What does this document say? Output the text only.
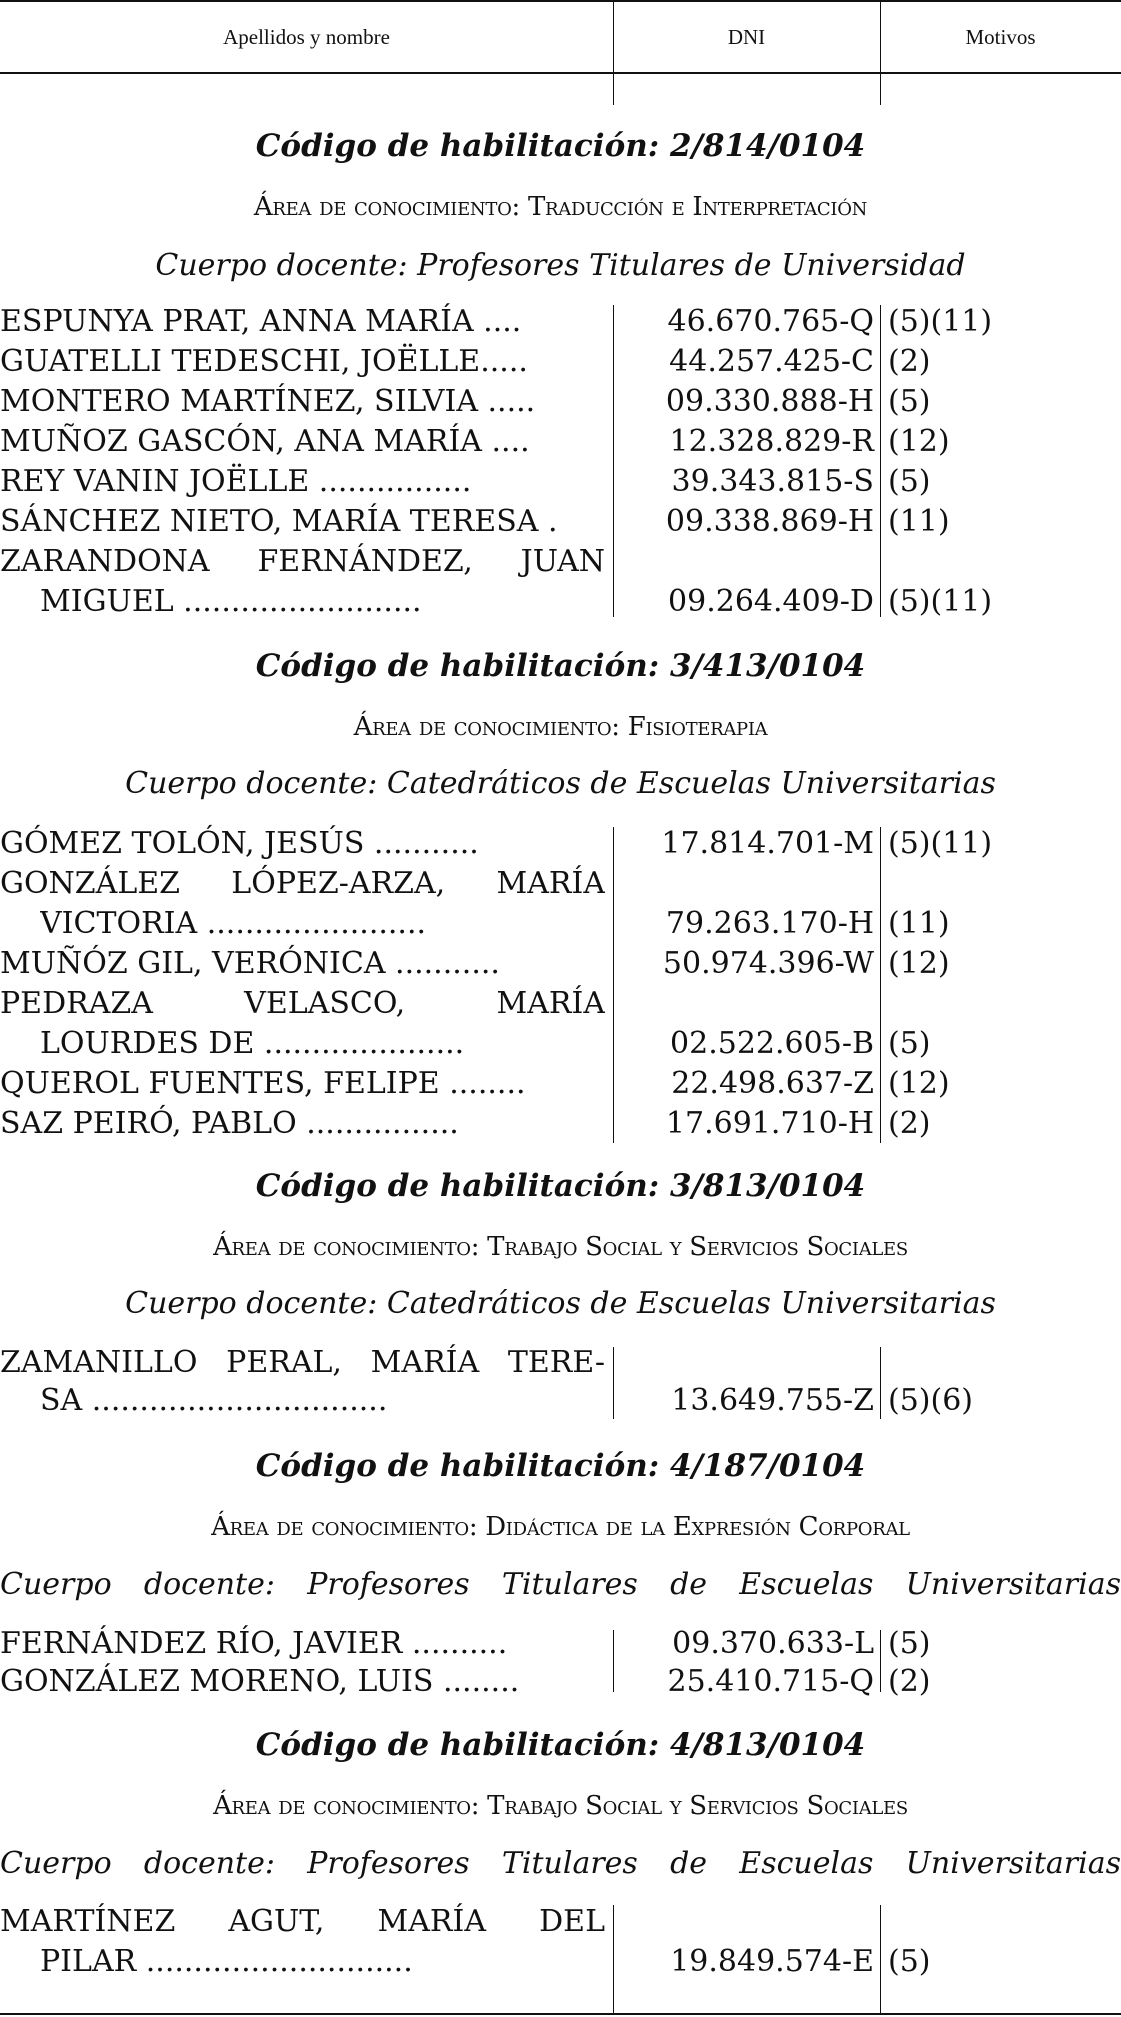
Apellidos y nombre	DNI	Motivos
Código de habilitación: 2/814/0104
Área de conocimiento: Traducción e Interpretación
Cuerpo docente: Profesores Titulares de Universidad
ESPUNYA PRAT, ANNA MARÍA ....	46.670.765-Q (5)(11)
GUATELLI TEDESCHI, JOËLLE.....	44.257.425-C (2)
MONTERO MARTÍNEZ, SILVIA .....	09.330.888-H (5)
MUÑOZ GASCÓN, ANA MARÍA ....	12.328.829-R (12)
REY VANIN JOËLLE ................	39.343.815-S (5)
SÁNCHEZ NIETO, MARÍA TERESA .	09.338.869-H (11)
ZARANDONA FERNÁNDEZ, JUAN
MIGUEL .........................	09.264.409-D (5)(11)
Código de habilitación: 3/413/0104
Área de conocimiento: Fisioterapia
Cuerpo docente: Catedráticos de Escuelas Universitarias
GÓMEZ TOLÓN, JESÚS ...........	17.814.701-M (5)(11)
GONZÁLEZ LÓPEZ-ARZA, MARÍA
VICTORIA .......................	79.263.170-H (11)
MUÑÓZ GIL, VERÓNICA ...........	50.974.396-W (12)
PEDRAZA VELASCO, MARÍA
LOURDES DE .....................	02.522.605-B (5)
QUEROL FUENTES, FELIPE ........	22.498.637-Z (12)
SAZ PEIRÓ, PABLO ................	17.691.710-H (2)
Código de habilitación: 3/813/0104
Área de conocimiento: Trabajo Social y Servicios Sociales
Cuerpo docente: Catedráticos de Escuelas Universitarias
ZAMANILLO PERAL, MARÍA TERE-
SA ...............................	13.649.755-Z (5)(6)
Código de habilitación: 4/187/0104
Área de conocimiento: Didáctica de la Expresión Corporal
Cuerpo docente: Profesores Titulares de Escuelas Universitarias
FERNÁNDEZ RÍO, JAVIER ..........	09.370.633-L (5)
GONZÁLEZ MORENO, LUIS ........	25.410.715-Q (2)
Código de habilitación: 4/813/0104
Área de conocimiento: Trabajo Social y Servicios Sociales
Cuerpo docente: Profesores Titulares de Escuelas Universitarias
MARTÍNEZ AGUT, MARÍA DEL
PILAR ............................	19.849.574-E (5)
